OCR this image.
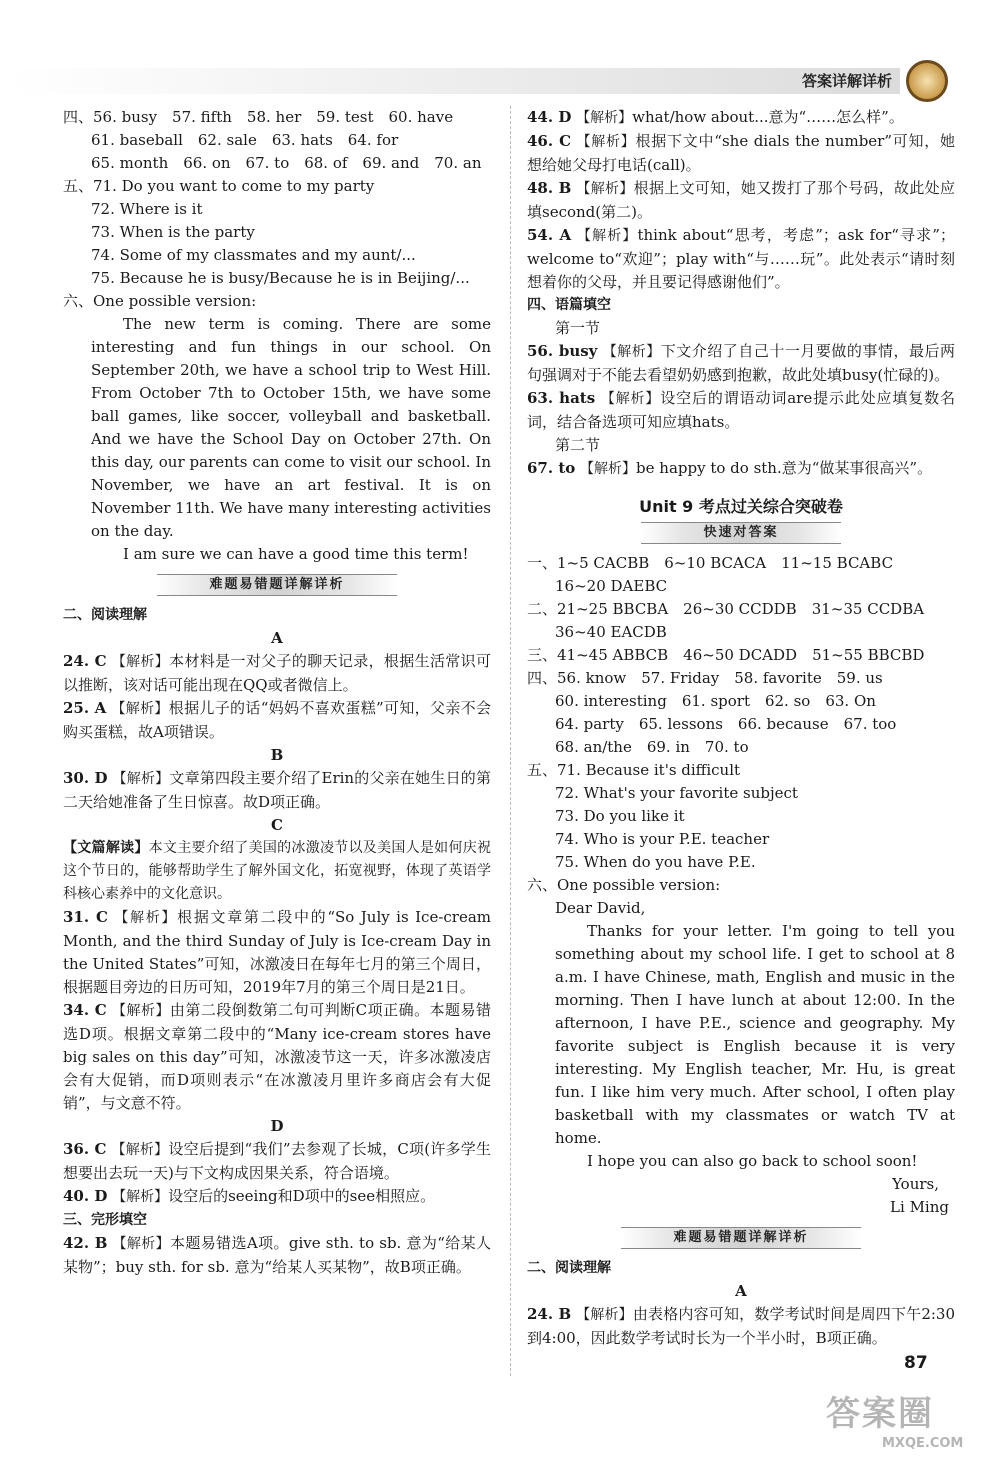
答案详解详析
四、56. busy　57. fifth　58. her　59. test　60. have
61. baseball　62. sale　63. hats　64. for
65. month　66. on　67. to　68. of　69. and　70. an
五、71. Do you want to come to my party
72. Where is it
73. When is the party
74. Some of my classmates and my aunt/...
75. Because he is busy/Because he is in Beijing/...
六、One possible version:
The new term is coming. There are some interesting and fun things in our school. On September 20th, we have a school trip to West Hill. From October 7th to October 15th, we have some ball games, like soccer, volleyball and basketball. And we have the School Day on October 27th. On this day, our parents can come to visit our school. In November, we have an art festival. It is on November 11th. We have many interesting activities on the day.
I am sure we can have a good time this term!
难题易错题详解详析
二、阅读理解
A
24. C 【解析】本材料是一对父子的聊天记录，根据生活常识可以推断，该对话可能出现在QQ或者微信上。
25. A 【解析】根据儿子的话“妈妈不喜欢蛋糕”可知，父亲不会购买蛋糕，故A项错误。
B
30. D 【解析】文章第四段主要介绍了Erin的父亲在她生日的第二天给她准备了生日惊喜。故D项正确。
C
【文篇解读】本文主要介绍了美国的冰激凌节以及美国人是如何庆祝这个节日的，能够帮助学生了解外国文化，拓宽视野，体现了英语学科核心素养中的文化意识。
31. C 【解析】根据文章第二段中的“So July is Ice-cream Month, and the third Sunday of July is Ice-cream Day in the United States”可知，冰激凌日在每年七月的第三个周日，根据题目旁边的日历可知，2019年7月的第三个周日是21日。
34. C 【解析】由第二段倒数第二句可判断C项正确。本题易错选D项。根据文章第二段中的“Many ice-cream stores have big sales on this day”可知，冰激凌节这一天，许多冰激凌店会有大促销，而D项则表示“在冰激凌月里许多商店会有大促销”，与文意不符。
D
36. C 【解析】设空后提到“我们”去参观了长城，C项(许多学生想要出去玩一天)与下文构成因果关系，符合语境。
40. D 【解析】设空后的seeing和D项中的see相照应。
三、完形填空
42. B 【解析】本题易错选A项。give sth. to sb. 意为“给某人某物”；buy sth. for sb. 意为“给某人买某物”，故B项正确。
44. D 【解析】what/how about...意为“……怎么样”。
46. C 【解析】根据下文中“she dials the number”可知，她想给她父母打电话(call)。
48. B 【解析】根据上文可知，她又拨打了那个号码，故此处应填second(第二)。
54. A 【解析】think about“思考，考虑”；ask for“寻求”；welcome to“欢迎”；play with“与……玩”。此处表示“请时刻想着你的父母，并且要记得感谢他们”。
四、语篇填空
第一节
56. busy 【解析】下文介绍了自己十一月要做的事情，最后两句强调对于不能去看望奶奶感到抱歉，故此处填busy(忙碌的)。
63. hats 【解析】设空后的谓语动词are提示此处应填复数名词，结合备选项可知应填hats。
第二节
67. to 【解析】be happy to do sth.意为“做某事很高兴”。
Unit 9 考点过关综合突破卷
快速对答案
一、1~5 CACBB　6~10 BCACA　11~15 BCABC
16~20 DAEBC
二、21~25 BBCBA　26~30 CCDDB　31~35 CCDBA
36~40 EACDB
三、41~45 ABBCB　46~50 DCADD　51~55 BBCBD
四、56. know　57. Friday　58. favorite　59. us
60. interesting　61. sport　62. so　63. On
64. party　65. lessons　66. because　67. too
68. an/the　69. in　70. to
五、71. Because it's difficult
72. What's your favorite subject
73. Do you like it
74. Who is your P.E. teacher
75. When do you have P.E.
六、One possible version:
Dear David,
Thanks for your letter. I'm going to tell you something about my school life. I get to school at 8 a.m. I have Chinese, math, English and music in the morning. Then I have lunch at about 12:00. In the afternoon, I have P.E., science and geography. My favorite subject is English because it is very interesting. My English teacher, Mr. Hu, is great fun. I like him very much. After school, I often play basketball with my classmates or watch TV at home.
I hope you can also go back to school soon!
Yours,
Li Ming
难题易错题详解详析
二、阅读理解
A
24. B 【解析】由表格内容可知，数学考试时间是周四下午2:30到4:00，因此数学考试时长为一个半小时，B项正确。
87
答案圈
MXQE.COM
